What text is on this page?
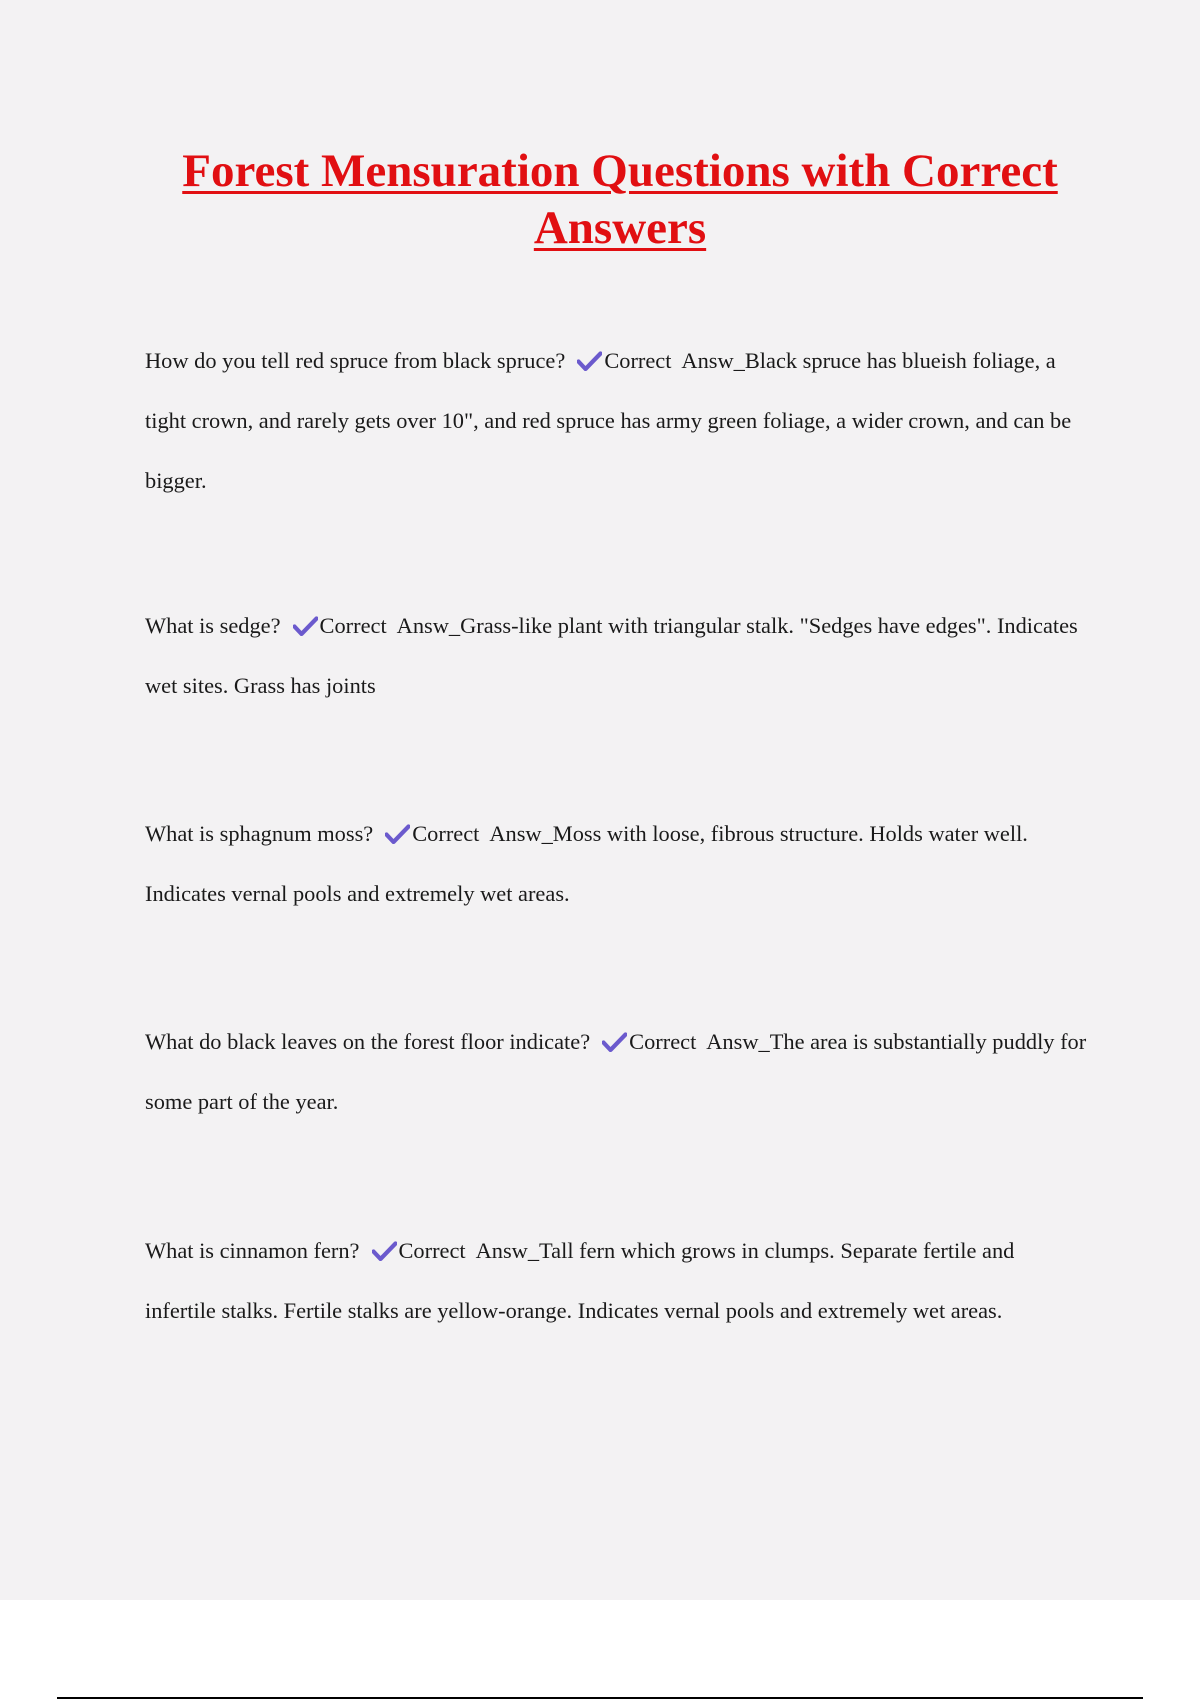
Forest Mensuration Questions with Correct Answers

How do you tell red spruce from black spruce? Correct  Answ_Black spruce has blueish foliage, a tight crown, and rarely gets over 10", and red spruce has army green foliage, a wider crown, and can be bigger.

What is sedge? Correct  Answ_Grass-like plant with triangular stalk. "Sedges have edges". Indicates wet sites. Grass has joints

What is sphagnum moss? Correct  Answ_Moss with loose, fibrous structure. Holds water well. Indicates vernal pools and extremely wet areas.

What do black leaves on the forest floor indicate? Correct  Answ_The area is substantially puddly for some part of the year.

What is cinnamon fern? Correct  Answ_Tall fern which grows in clumps. Separate fertile and infertile stalks. Fertile stalks are yellow-orange. Indicates vernal pools and extremely wet areas.
